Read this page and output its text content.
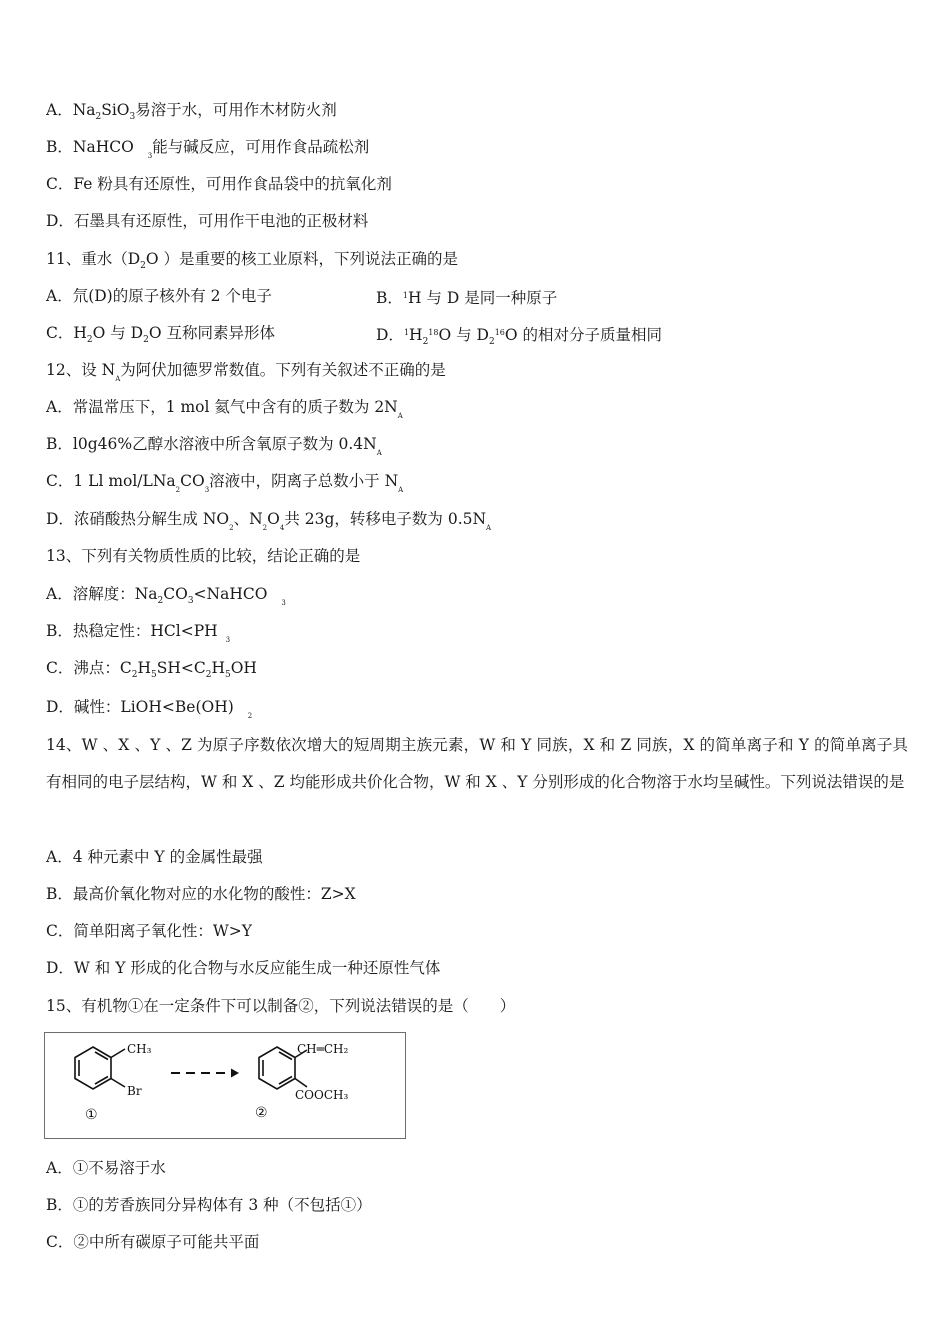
A．$Na_2SiO_3$易溶于水，可用作木材防火剂
B．NaHCO $_3$能与碱反应，可用作食品疏松剂
C．Fe 粉具有还原性，可用作食品袋中的抗氧化剂
D．石墨具有还原性，可用作干电池的正极材料
11、重水（$D_2O$ ）是重要的核工业原料，下列说法正确的是
A．氘(D)的原子核外有 2 个电子	B．$^1$H 与 D 是同一种原子
C．$H_2O$ 与 $D_2O$ 互称同素异形体	D．$^1H_2^{18}O$ 与 $D_2^{16}O$ 的相对分子质量相同
12、设 $N_A$为阿伏加德罗常数值。下列有关叙述不正确的是
A．常温常压下，1 mol 氦气中含有的质子数为 $2N_A$
B．l0g46%乙醇水溶液中所含氧原子数为 $0.4N_A$
C．1 Ll mol/$LNa_2CO_3$溶液中，阴离子总数小于 $N_A$
D．浓硝酸热分解生成 $NO_2$、$N_2O_4$共 23g，转移电子数为 $0.5N_A$
13、下列有关物质性质的比较，结论正确的是
A．溶解度：$Na_2CO_3<NaHCO$ $_3$
B．热稳定性：HCl<PH $_3$
C．沸点：$C_2H_5SH<C_2H_5OH$
D．碱性：LiOH<Be(OH) $_2$
14、W 、X 、Y 、Z 为原子序数依次增大的短周期主族元素，W 和 Y 同族，X 和 Z 同族，X 的简单离子和 Y 的简单离子具有相同的电子层结构，W 和 X 、Z 均能形成共价化合物，W 和 X 、Y 分别形成的化合物溶于水均呈碱性。下列说法错误的是
A．4 种元素中 Y 的金属性最强
B．最高价氧化物对应的水化物的酸性：Z>X
C．简单阳离子氧化性：W>Y
D．W 和 Y 形成的化合物与水反应能生成一种还原性气体
15、有机物①在一定条件下可以制备②，下列说法错误的是（　　）
CH₃
Br
①
CH═CH₂
COOCH₃
②
A．①不易溶于水
B．①的芳香族同分异构体有 3 种（不包括①）
C．②中所有碳原子可能共平面
